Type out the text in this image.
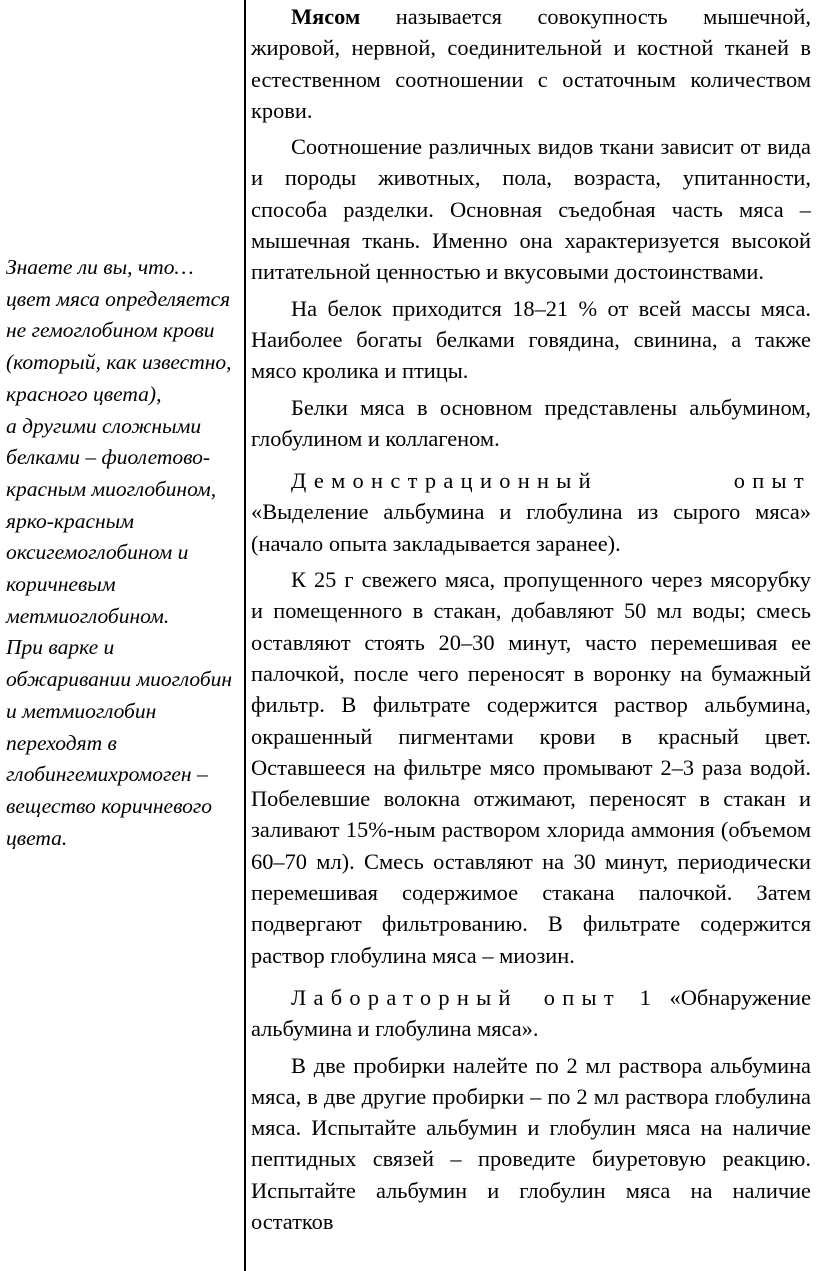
Знаете ли вы, что…
цвет мяса определяется не гемоглобином крови (который, как известно, красного цвета),
а другими сложными белками – фиолетово-красным миоглобином, ярко-красным оксигемоглобином и коричневым метмиоглобином.
При варке и обжаривании миоглобин и метмиоглобин переходят в глобингемихромоген – вещество коричневого цвета.

Мясом называется совокупность мышечной, жировой, нервной, соединительной и костной тканей в естественном соотношении с остаточным количеством крови.

Соотношение различных видов ткани зависит от вида и породы животных, пола, возраста, упитанности, способа разделки. Основная съедобная часть мяса – мышечная ткань. Именно она характеризуется высокой питательной ценностью и вкусовыми достоинствами.

На белок приходится 18–21 % от всей массы мяса. Наиболее богаты белками говядина, свинина, а также мясо кролика и птицы.

Белки мяса в основном представлены альбумином, глобулином и коллагеном.

Демонстрационный опыт «Выделение альбумина и глобулина из сырого мяса» (начало опыта закладывается заранее).

К 25 г свежего мяса, пропущенного через мясорубку и помещенного в стакан, добавляют 50 мл воды; смесь оставляют стоять 20–30 минут, часто перемешивая ее палочкой, после чего переносят в воронку на бумажный фильтр. В фильтрате содержится раствор альбумина, окрашенный пигментами крови в красный цвет. Оставшееся на фильтре мясо промывают 2–3 раза водой. Побелевшие волокна отжимают, переносят в стакан и заливают 15%-ным раствором хлорида аммония (объемом 60–70 мл). Смесь оставляют на 30 минут, периодически перемешивая содержимое стакана палочкой. Затем подвергают фильтрованию. В фильтрате содержится раствор глобулина мяса – миозин.

Лабораторный опыт 1 «Обнаружение альбумина и глобулина мяса».

В две пробирки налейте по 2 мл раствора альбумина мяса, в две другие пробирки – по 2 мл раствора глобулина мяса. Испытайте альбумин и глобулин мяса на наличие пептидных связей – проведите биуретовую реакцию. Испытайте альбумин и глобулин мяса на наличие остатков
